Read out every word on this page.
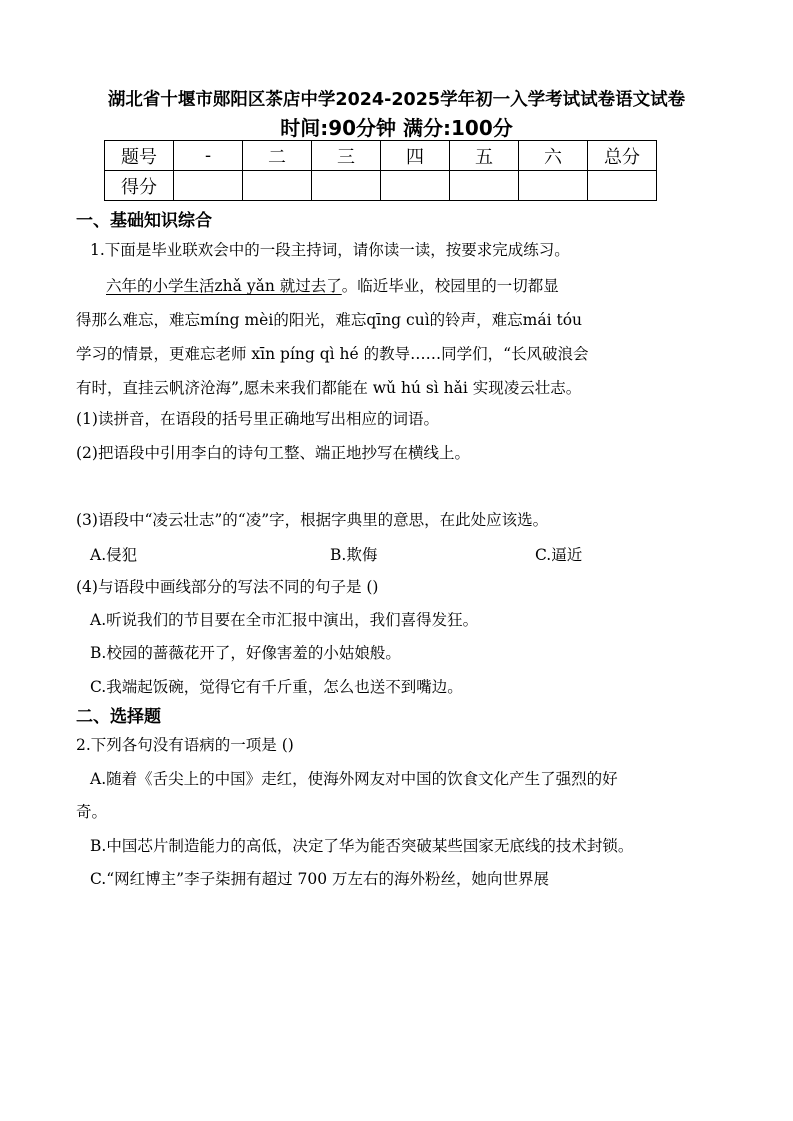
湖北省十堰市郧阳区茶店中学2024-2025学年初一入学考试试卷语文试卷
时间:90分钟 满分:100分
题号	-	二	三	四	五	六	总分
得分							
一、基础知识综合
1.下面是毕业联欢会中的一段主持词，请你读一读，按要求完成练习。
六年的小学生活zhǎ yǎn 就过去了。临近毕业，校园里的一切都显
得那么难忘，难忘míng mèi的阳光，难忘qīng cuì的铃声，难忘mái tóu
学习的情景，更难忘老师 xīn píng qì hé 的教导……同学们，“长风破浪会
有时，直挂云帆济沧海”,愿未来我们都能在 wǔ hú sì hǎi 实现凌云壮志。
(1)读拼音，在语段的括号里正确地写出相应的词语。
(2)把语段中引用李白的诗句工整、端正地抄写在横线上。
(3)语段中“凌云壮志”的“凌”字，根据字典里的意思，在此处应该选。
A.侵犯	B.欺侮	C.逼近
(4)与语段中画线部分的写法不同的句子是 ()
A.听说我们的节目要在全市汇报中演出，我们喜得发狂。
B.校园的蔷薇花开了，好像害羞的小姑娘般。
C.我端起饭碗，觉得它有千斤重，怎么也送不到嘴边。
二、选择题
2.下列各句没有语病的一项是 ()
A.随着《舌尖上的中国》走红，使海外网友对中国的饮食文化产生了强烈的好
奇。
B.中国芯片制造能力的高低，决定了华为能否突破某些国家无底线的技术封锁。
C.“网红博主”李子柒拥有超过 700 万左右的海外粉丝，她向世界展
